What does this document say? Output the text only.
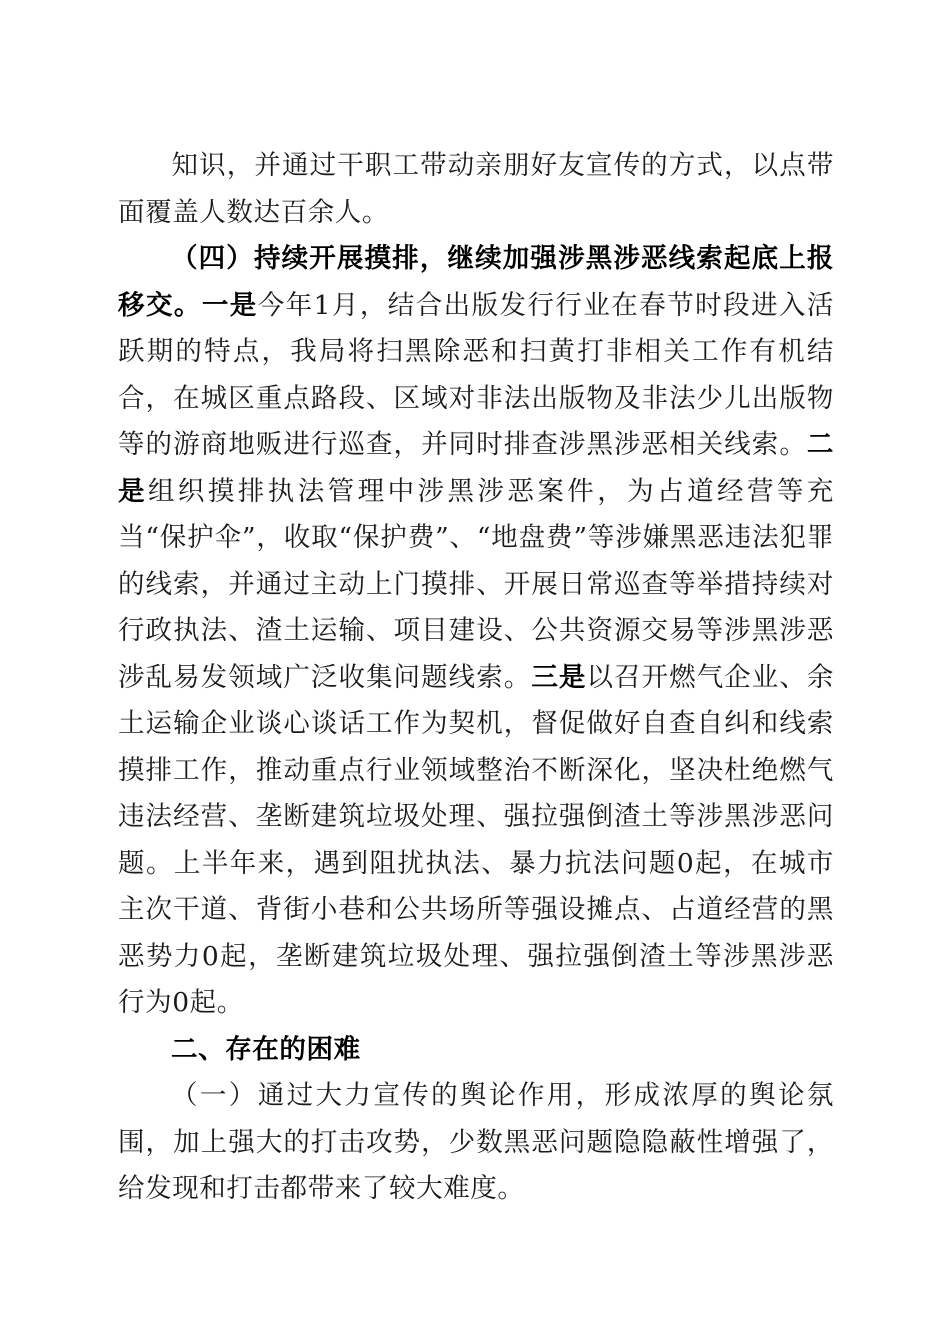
知识，并通过干职工带动亲朋好友宣传的方式，以点带面覆盖人数达百余人。

（四）持续开展摸排，继续加强涉黑涉恶线索起底上报移交。一是今年1月，结合出版发行行业在春节时段进入活跃期的特点，我局将扫黑除恶和扫黄打非相关工作有机结合，在城区重点路段、区域对非法出版物及非法少儿出版物等的游商地贩进行巡查，并同时排查涉黑涉恶相关线索。二是组织摸排执法管理中涉黑涉恶案件，为占道经营等充当“保护伞”，收取“保护费”、“地盘费”等涉嫌黑恶违法犯罪的线索，并通过主动上门摸排、开展日常巡查等举措持续对行政执法、渣土运输、项目建设、公共资源交易等涉黑涉恶涉乱易发领域广泛收集问题线索。三是以召开燃气企业、余土运输企业谈心谈话工作为契机，督促做好自查自纠和线索摸排工作，推动重点行业领域整治不断深化，坚决杜绝燃气违法经营、垄断建筑垃圾处理、强拉强倒渣土等涉黑涉恶问题。上半年来，遇到阻扰执法、暴力抗法问题0起，在城市主次干道、背街小巷和公共场所等强设摊点、占道经营的黑恶势力0起，垄断建筑垃圾处理、强拉强倒渣土等涉黑涉恶行为0起。

二、存在的困难

（一）通过大力宣传的舆论作用，形成浓厚的舆论氛围，加上强大的打击攻势，少数黑恶问题隐隐蔽性增强了，给发现和打击都带来了较大难度。
